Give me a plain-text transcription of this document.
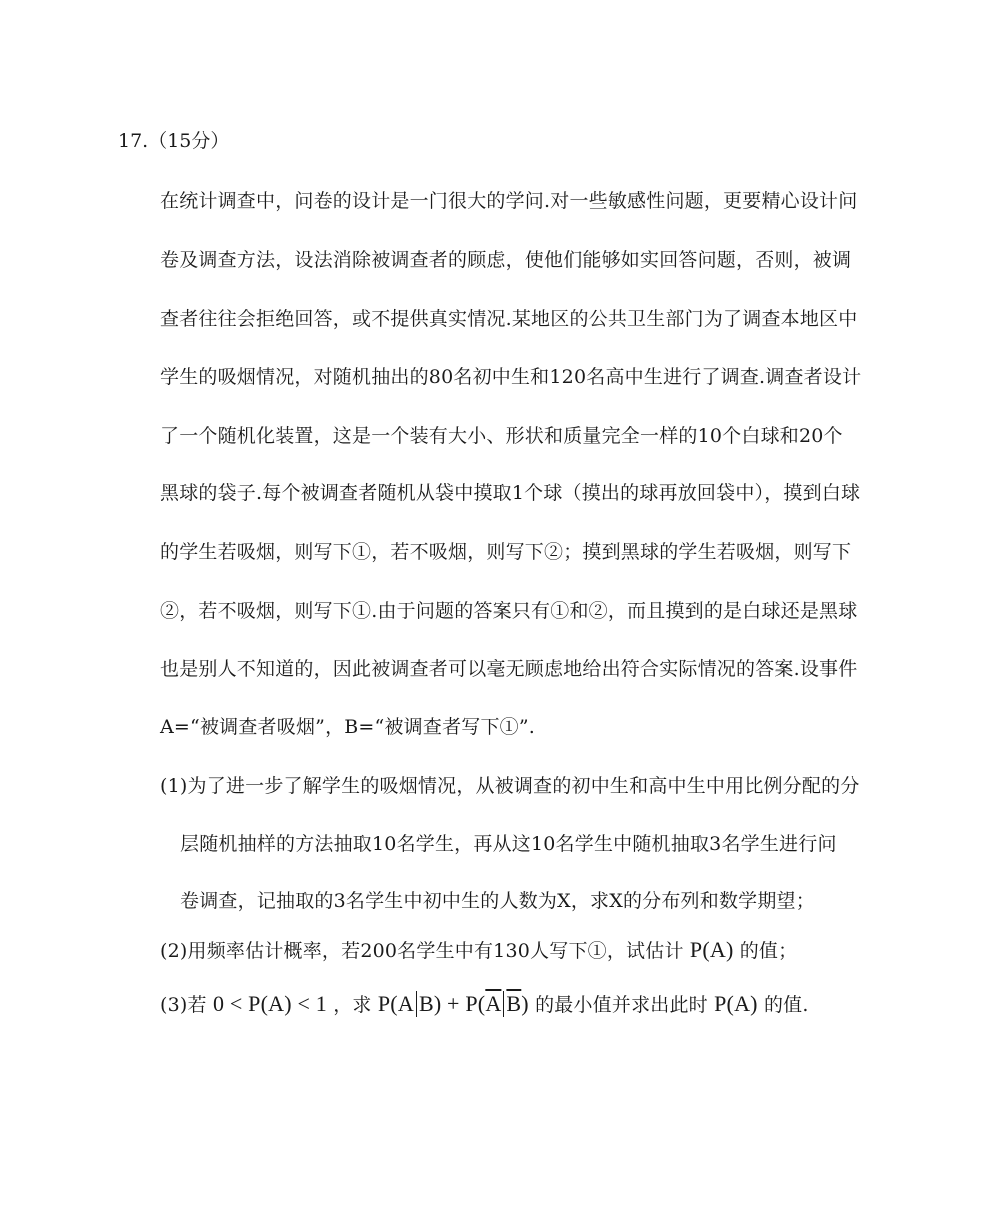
17.（15分）
在统计调查中，问卷的设计是一门很大的学问.对一些敏感性问题，更要精心设计问
卷及调查方法，设法消除被调查者的顾虑，使他们能够如实回答问题，否则，被调
查者往往会拒绝回答，或不提供真实情况.某地区的公共卫生部门为了调查本地区中
学生的吸烟情况，对随机抽出的80名初中生和120名高中生进行了调查.调查者设计
了一个随机化装置，这是一个装有大小、形状和质量完全一样的10个白球和20个
黑球的袋子.每个被调查者随机从袋中摸取1个球（摸出的球再放回袋中），摸到白球
的学生若吸烟，则写下①，若不吸烟，则写下②；摸到黑球的学生若吸烟，则写下
②，若不吸烟，则写下①.由于问题的答案只有①和②，而且摸到的是白球还是黑球
也是别人不知道的，因此被调查者可以毫无顾虑地给出符合实际情况的答案.设事件
A=“被调查者吸烟”，B=“被调查者写下①”.
(1)为了进一步了解学生的吸烟情况，从被调查的初中生和高中生中用比例分配的分
层随机抽样的方法抽取10名学生，再从这10名学生中随机抽取3名学生进行问
卷调查，记抽取的3名学生中初中生的人数为X，求X的分布列和数学期望；
(2)用频率估计概率，若200名学生中有130人写下①，试估计 P(A) 的值；
(3)若 0 < P(A) < 1 ，求 P(A $B) + P(\overline{A}$ $\overline{B}$) 的最小值并求出此时 P(A) 的值.
